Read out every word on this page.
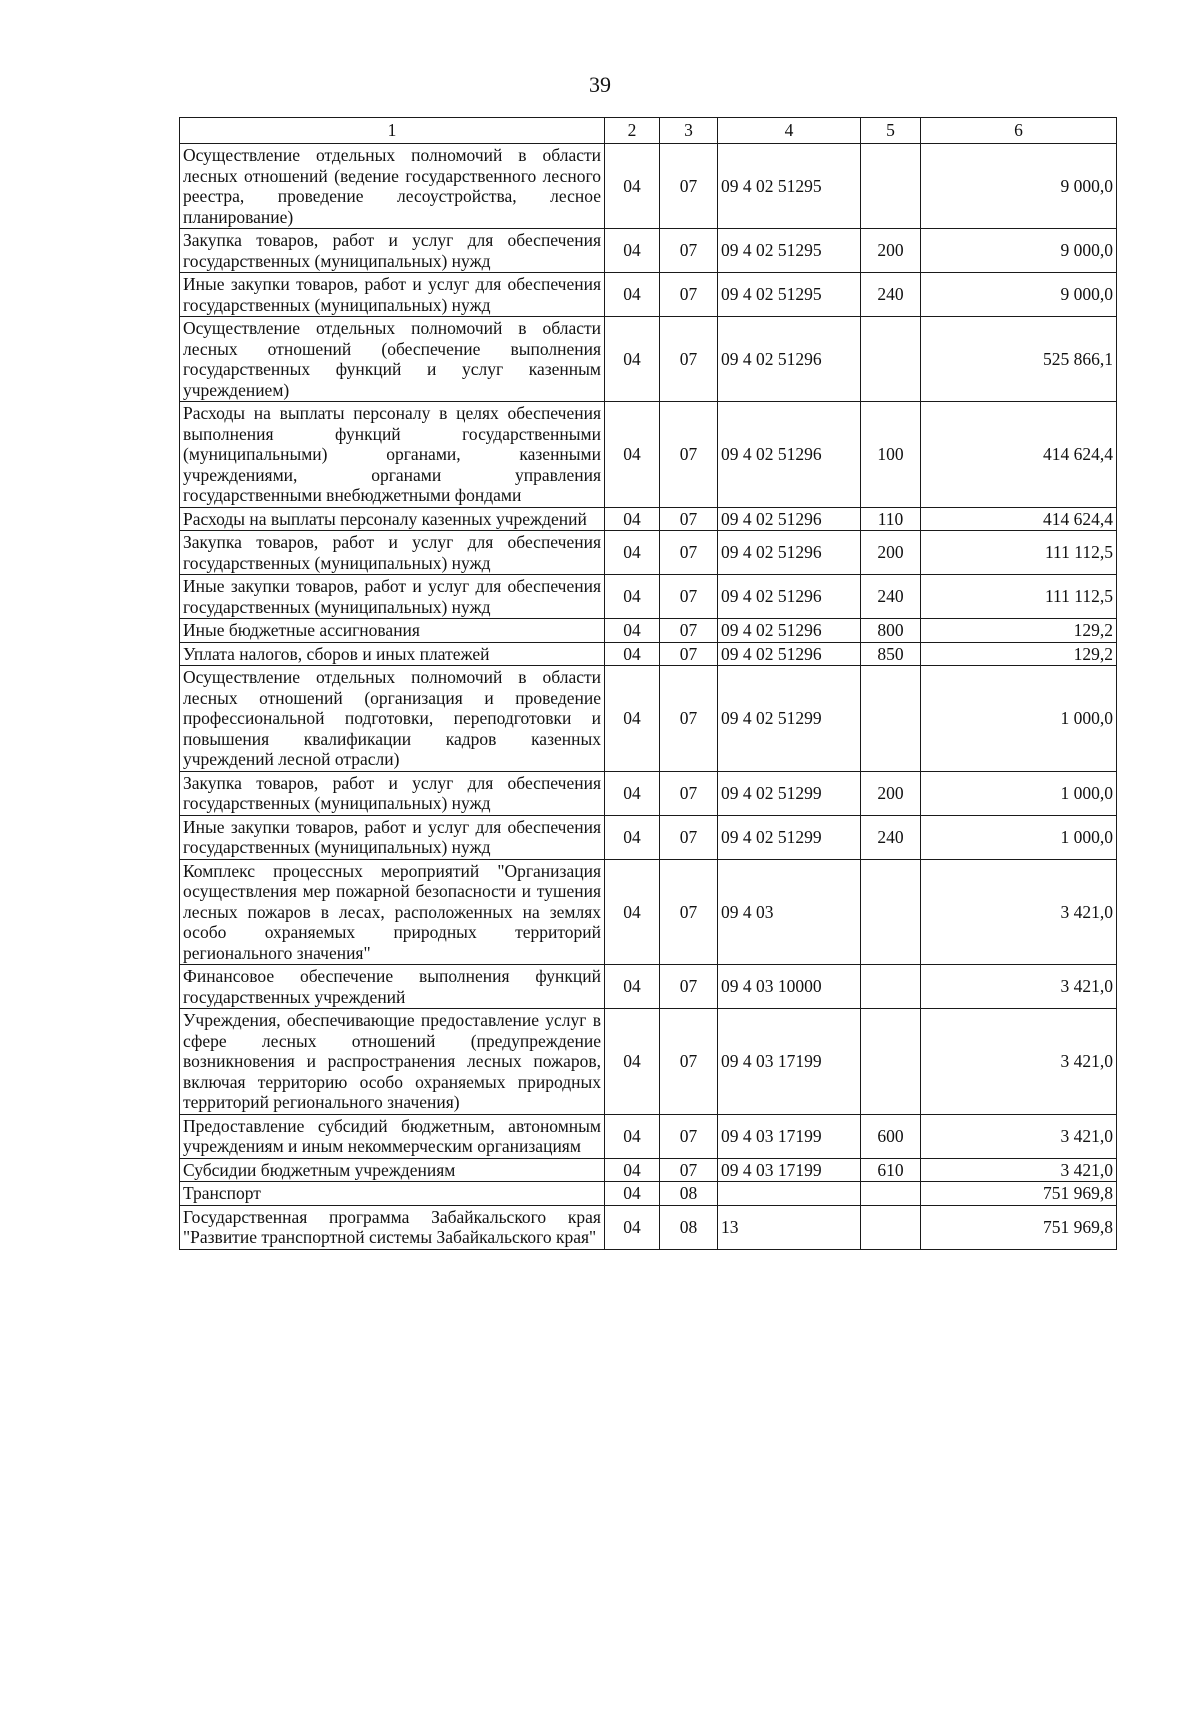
39
1	2	3	4	5	6
Осуществление отдельных полномочий в области лесных отношений (ведение государственного лесного реестра, проведение лесоустройства, лесное планирование)	04	07	09 4 02 51295		9 000,0
Закупка товаров, работ и услуг для обеспечения государственных (муниципальных) нужд	04	07	09 4 02 51295	200	9 000,0
Иные закупки товаров, работ и услуг для обеспечения государственных (муниципальных) нужд	04	07	09 4 02 51295	240	9 000,0
Осуществление отдельных полномочий в области лесных отношений (обеспечение выполнения государственных функций и услуг казенным учреждением)	04	07	09 4 02 51296		525 866,1
Расходы на выплаты персоналу в целях обеспечения выполнения функций государственными (муниципальными) органами, казенными учреждениями, органами управления государственными внебюджетными фондами	04	07	09 4 02 51296	100	414 624,4
Расходы на выплаты персоналу казенных учреждений	04	07	09 4 02 51296	110	414 624,4
Закупка товаров, работ и услуг для обеспечения государственных (муниципальных) нужд	04	07	09 4 02 51296	200	111 112,5
Иные закупки товаров, работ и услуг для обеспечения государственных (муниципальных) нужд	04	07	09 4 02 51296	240	111 112,5
Иные бюджетные ассигнования	04	07	09 4 02 51296	800	129,2
Уплата налогов, сборов и иных платежей	04	07	09 4 02 51296	850	129,2
Осуществление отдельных полномочий в области лесных отношений (организация и проведение профессиональной подготовки, переподготовки и повышения квалификации кадров казенных учреждений лесной отрасли)	04	07	09 4 02 51299		1 000,0
Закупка товаров, работ и услуг для обеспечения государственных (муниципальных) нужд	04	07	09 4 02 51299	200	1 000,0
Иные закупки товаров, работ и услуг для обеспечения государственных (муниципальных) нужд	04	07	09 4 02 51299	240	1 000,0
Комплекс процессных мероприятий "Организация осуществления мер пожарной безопасности и тушения лесных пожаров в лесах, расположенных на землях особо охраняемых природных территорий регионального значения"	04	07	09 4 03		3 421,0
Финансовое обеспечение выполнения функций государственных учреждений	04	07	09 4 03 10000		3 421,0
Учреждения, обеспечивающие предоставление услуг в сфере лесных отношений (предупреждение возникновения и распространения лесных пожаров, включая территорию особо охраняемых природных территорий регионального значения)	04	07	09 4 03 17199		3 421,0
Предоставление субсидий бюджетным, автономным учреждениям и иным некоммерческим организациям	04	07	09 4 03 17199	600	3 421,0
Субсидии бюджетным учреждениям	04	07	09 4 03 17199	610	3 421,0
Транспорт	04	08			751 969,8
Государственная программа Забайкальского края "Развитие транспортной системы Забайкальского края"	04	08	13		751 969,8
